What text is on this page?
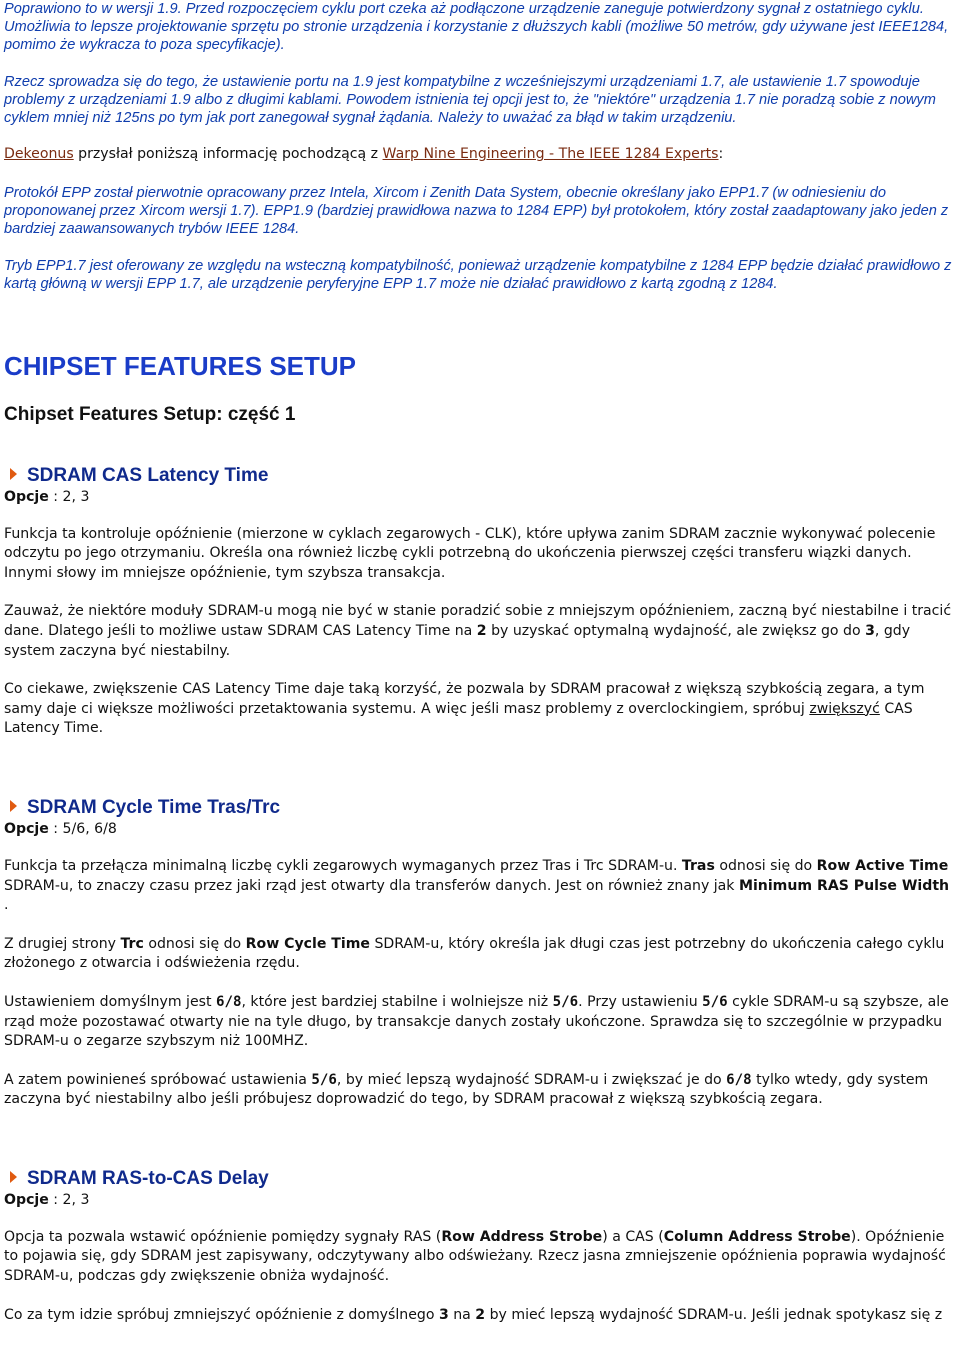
Poprawiono to w wersji 1.9. Przed rozpoczęciem cyklu port czeka aż podłączone urządzenie zaneguje potwierdzony sygnał z ostatniego cyklu. Umożliwia to lepsze projektowanie sprzętu po stronie urządzenia i korzystanie z dłuższych kabli (możliwe 50 metrów, gdy używane jest IEEE1284, pomimo że wykracza to poza specyfikacje).

Rzecz sprowadza się do tego, że ustawienie portu na 1.9 jest kompatybilne z wcześniejszymi urządzeniami 1.7, ale ustawienie 1.7 spowoduje problemy z urządzeniami 1.9 albo z długimi kablami. Powodem istnienia tej opcji jest to, że "niektóre" urządzenia 1.7 nie poradzą sobie z nowym cyklem mniej niż 125ns po tym jak port zanegował sygnał żądania. Należy to uważać za błąd w takim urządzeniu.

Dekeonus przysłał poniższą informację pochodzącą z Warp Nine Engineering - The IEEE 1284 Experts:

Protokół EPP został pierwotnie opracowany przez Intela, Xircom i Zenith Data System, obecnie określany jako EPP1.7 (w odniesieniu do proponowanej przez Xircom wersji 1.7). EPP1.9 (bardziej prawidłowa nazwa to 1284 EPP) był protokołem, który został zaadaptowany jako jeden z bardziej zaawansowanych trybów IEEE 1284.

Tryb EPP1.7 jest oferowany ze względu na wsteczną kompatybilność, ponieważ urządzenie kompatybilne z 1284 EPP będzie działać prawidłowo z kartą główną w wersji EPP 1.7, ale urządzenie peryferyjne EPP 1.7 może nie działać prawidłowo z kartą zgodną z 1284.

CHIPSET FEATURES SETUP
Chipset Features Setup: część 1
SDRAM CAS Latency Time

Opcje : 2, 3

Funkcja ta kontroluje opóźnienie (mierzone w cyklach zegarowych - CLK), które upływa zanim SDRAM zacznie wykonywać polecenie odczytu po jego otrzymaniu. Określa ona również liczbę cykli potrzebną do ukończenia pierwszej części transferu wiązki danych. Innymi słowy im mniejsze opóźnienie, tym szybsza transakcja.

Zauważ, że niektóre moduły SDRAM-u mogą nie być w stanie poradzić sobie z mniejszym opóźnieniem, zaczną być niestabilne i tracić dane. Dlatego jeśli to możliwe ustaw SDRAM CAS Latency Time na 2 by uzyskać optymalną wydajność, ale zwiększ go do 3, gdy system zaczyna być niestabilny.

Co ciekawe, zwiększenie CAS Latency Time daje taką korzyść, że pozwala by SDRAM pracował z większą szybkością zegara, a tym samy daje ci większe możliwości przetaktowania systemu. A więc jeśli masz problemy z overclockingiem, spróbuj zwiększyć CAS Latency Time.

SDRAM Cycle Time Tras/Trc

Opcje : 5/6, 6/8

Funkcja ta przełącza minimalną liczbę cykli zegarowych wymaganych przez Tras i Trc SDRAM-u. Tras odnosi się do Row Active Time SDRAM-u, to znaczy czasu przez jaki rząd jest otwarty dla transferów danych. Jest on również znany jak Minimum RAS Pulse Width .

Z drugiej strony Trc odnosi się do Row Cycle Time SDRAM-u, który określa jak długi czas jest potrzebny do ukończenia całego cyklu złożonego z otwarcia i odświeżenia rzędu.

Ustawieniem domyślnym jest 6/8, które jest bardziej stabilne i wolniejsze niż 5/6. Przy ustawieniu 5/6 cykle SDRAM-u są szybsze, ale rząd może pozostawać otwarty nie na tyle długo, by transakcje danych zostały ukończone. Sprawdza się to szczególnie w przypadku SDRAM-u o zegarze szybszym niż 100MHZ.

A zatem powinieneś spróbować ustawienia 5/6, by mieć lepszą wydajność SDRAM-u i zwiększać je do 6/8 tylko wtedy, gdy system zaczyna być niestabilny albo jeśli próbujesz doprowadzić do tego, by SDRAM pracował z większą szybkością zegara.

SDRAM RAS-to-CAS Delay

Opcje : 2, 3

Opcja ta pozwala wstawić opóźnienie pomiędzy sygnały RAS (Row Address Strobe) a CAS (Column Address Strobe). Opóźnienie to pojawia się, gdy SDRAM jest zapisywany, odczytywany albo odświeżany. Rzecz jasna zmniejszenie opóźnienia poprawia wydajność SDRAM-u, podczas gdy zwiększenie obniża wydajność.

Co za tym idzie spróbuj zmniejszyć opóźnienie z domyślnego 3 na 2 by mieć lepszą wydajność SDRAM-u. Jeśli jednak spotykasz się z
